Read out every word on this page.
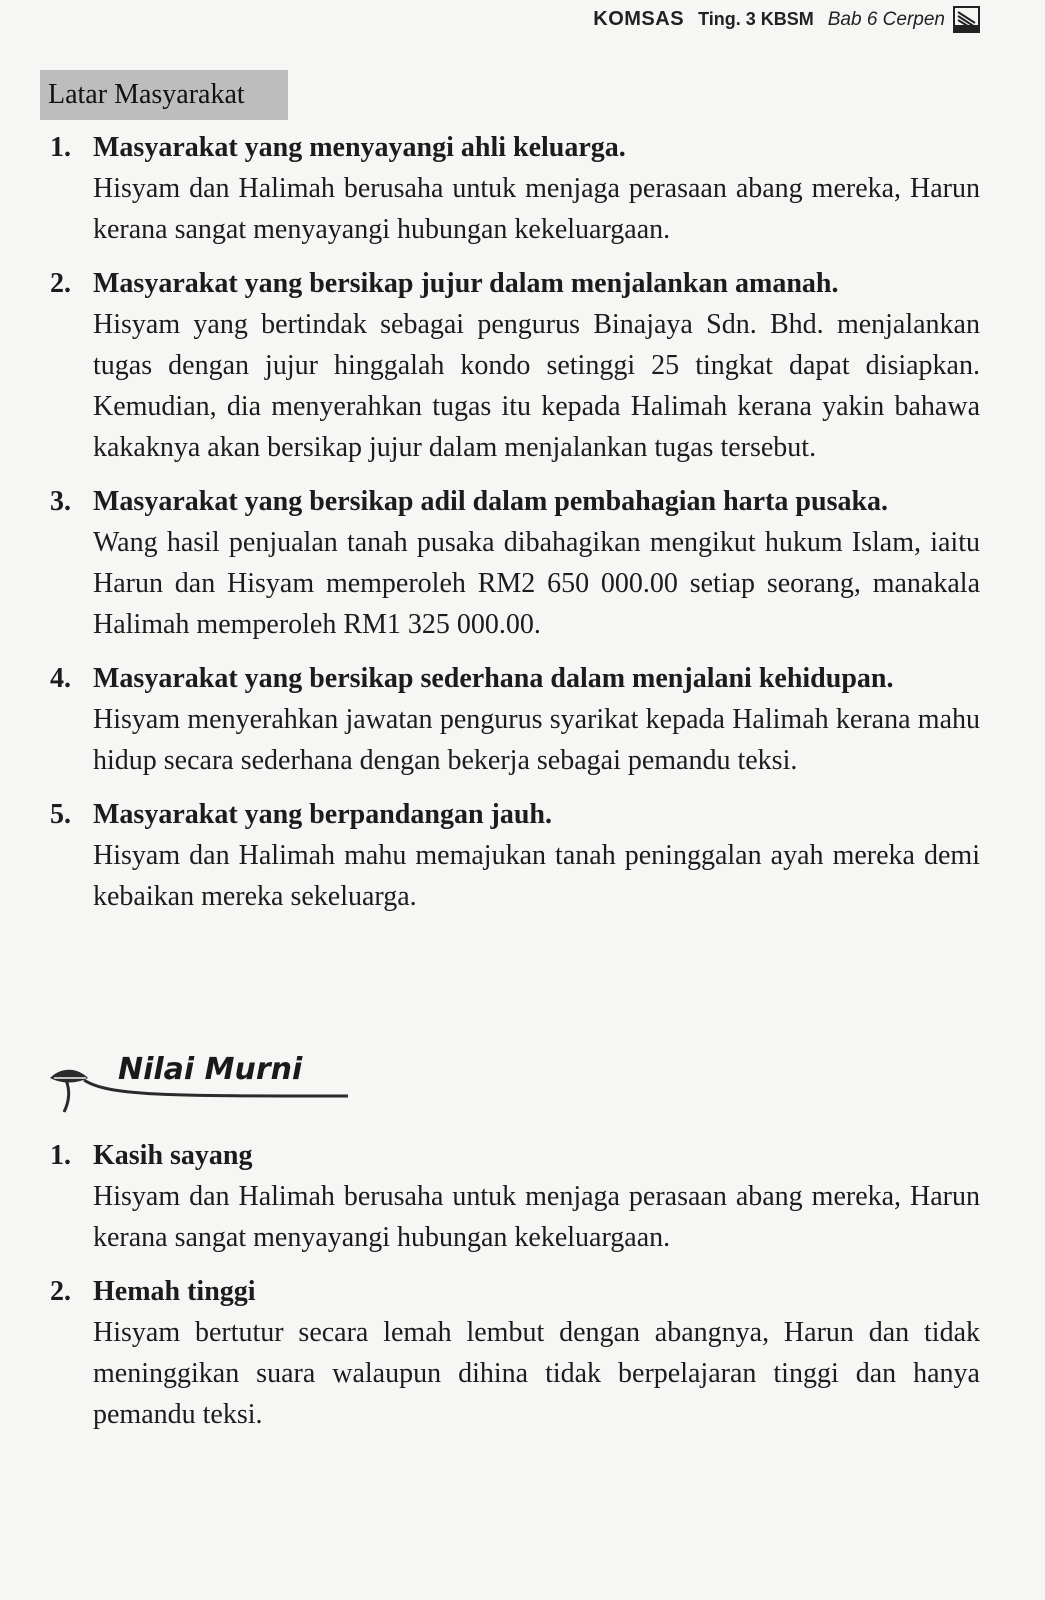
KOMSAS Ting. 3 KBSM Bab 6 Cerpen
Latar Masyarakat
1. Masyarakat yang menyayangi ahli keluarga.
Hisyam dan Halimah berusaha untuk menjaga perasaan abang mereka, Harun kerana sangat menyayangi hubungan kekeluargaan.
2. Masyarakat yang bersikap jujur dalam menjalankan amanah.
Hisyam yang bertindak sebagai pengurus Binajaya Sdn. Bhd. menjalankan tugas dengan jujur hinggalah kondo setinggi 25 tingkat dapat disiapkan. Kemudian, dia menyerahkan tugas itu kepada Halimah kerana yakin bahawa kakaknya akan bersikap jujur dalam menjalankan tugas tersebut.
3. Masyarakat yang bersikap adil dalam pembahagian harta pusaka.
Wang hasil penjualan tanah pusaka dibahagikan mengikut hukum Islam, iaitu Harun dan Hisyam memperoleh RM2 650 000.00 setiap seorang, manakala Halimah memperoleh RM1 325 000.00.
4. Masyarakat yang bersikap sederhana dalam menjalani kehidupan.
Hisyam menyerahkan jawatan pengurus syarikat kepada Halimah kerana mahu hidup secara sederhana dengan bekerja sebagai pemandu teksi.
5. Masyarakat yang berpandangan jauh.
Hisyam dan Halimah mahu memajukan tanah peninggalan ayah mereka demi kebaikan mereka sekeluarga.
Nilai Murni
1. Kasih sayang
Hisyam dan Halimah berusaha untuk menjaga perasaan abang mereka, Harun kerana sangat menyayangi hubungan kekeluargaan.
2. Hemah tinggi
Hisyam bertutur secara lemah lembut dengan abangnya, Harun dan tidak meninggikan suara walaupun dihina tidak berpelajaran tinggi dan hanya pemandu teksi.
